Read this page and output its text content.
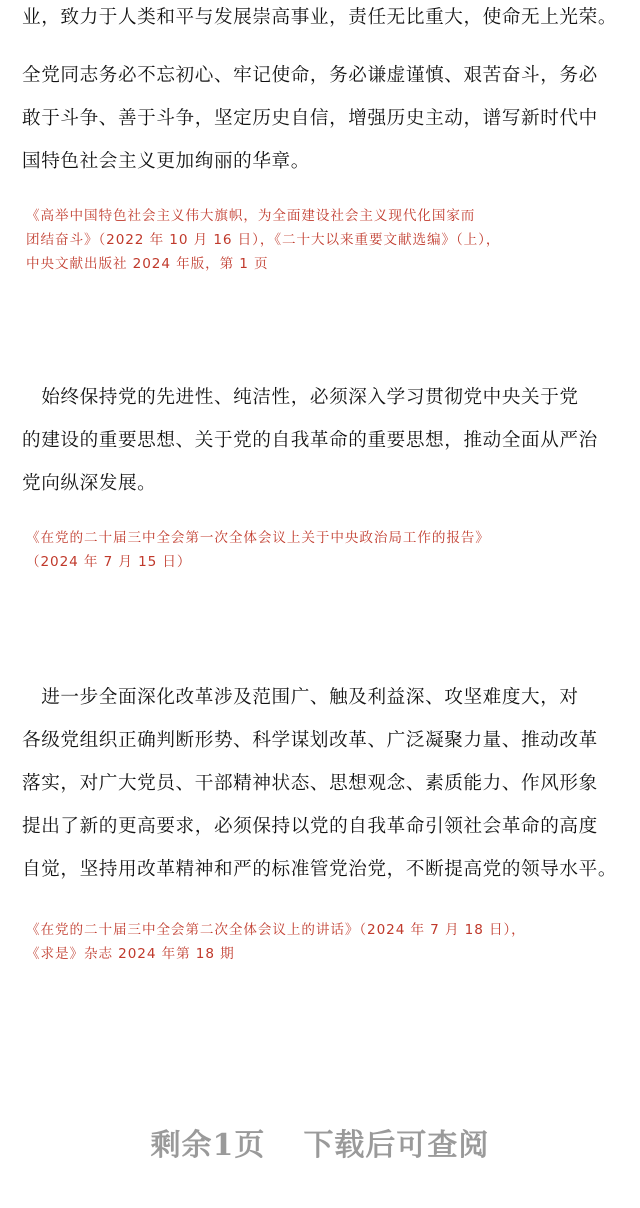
业，致力于人类和平与发展崇高事业，责任无比重大，使命无上光荣。
全党同志务必不忘初心、牢记使命，务必谦虚谨慎、艰苦奋斗，务必
敢于斗争、善于斗争，坚定历史自信，增强历史主动，谱写新时代中
国特色社会主义更加绚丽的华章。
《高举中国特色社会主义伟大旗帜，为全面建设社会主义现代化国家而
团结奋斗》（2022 年 10 月 16 日），《二十大以来重要文献选编》（上），
中央文献出版社 2024 年版，第 1 页
　始终保持党的先进性、纯洁性，必须深入学习贯彻党中央关于党
的建设的重要思想、关于党的自我革命的重要思想，推动全面从严治
党向纵深发展。
《在党的二十届三中全会第一次全体会议上关于中央政治局工作的报告》
（2024 年 7 月 15 日）
　进一步全面深化改革涉及范围广、触及利益深、攻坚难度大，对
各级党组织正确判断形势、科学谋划改革、广泛凝聚力量、推动改革
落实，对广大党员、干部精神状态、思想观念、素质能力、作风形象
提出了新的更高要求，必须保持以党的自我革命引领社会革命的高度
自觉，坚持用改革精神和严的标准管党治党，不断提高党的领导水平。
《在党的二十届三中全会第二次全体会议上的讲话》（2024 年 7 月 18 日），
《求是》杂志 2024 年第 18 期
剩余1页 下载后可查阅
